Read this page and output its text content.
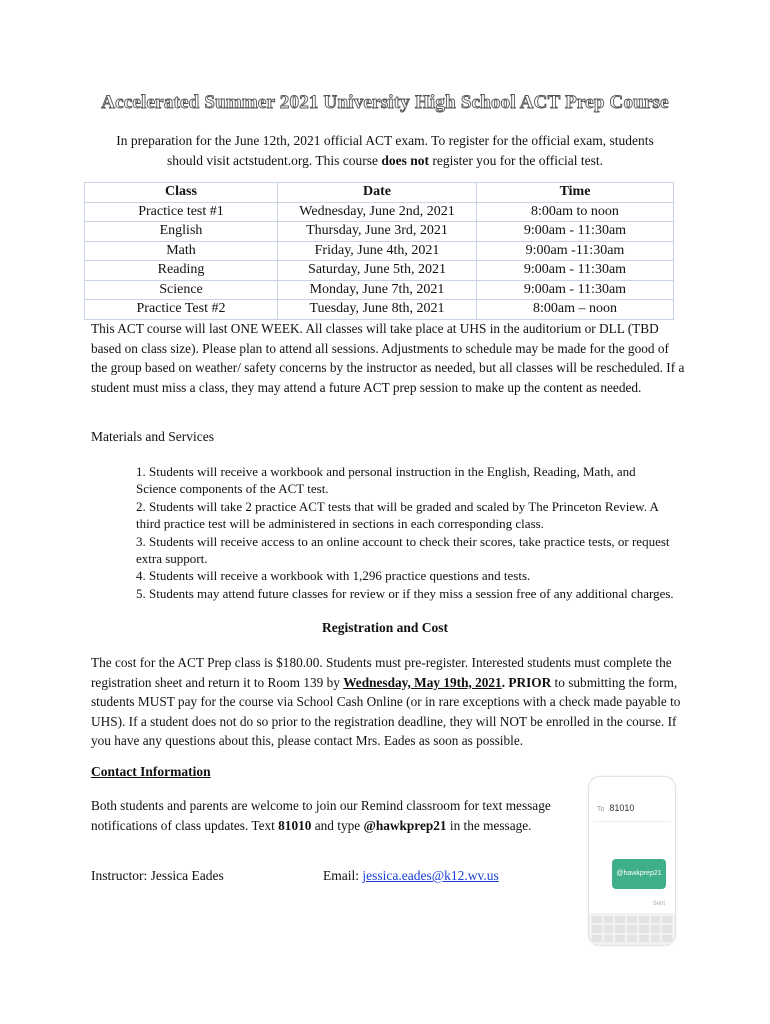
Accelerated Summer 2021 University High School ACT Prep Course
In preparation for the June 12th, 2021 official ACT exam. To register for the official exam, students
should visit actstudent.org. This course does not register you for the official test.
Class	Date	Time
Practice test #1	Wednesday, June 2nd, 2021	8:00am to noon
English	Thursday, June 3rd, 2021	9:00am - 11:30am
Math	Friday, June 4th, 2021	9:00am -11:30am
Reading	Saturday, June 5th, 2021	9:00am - 11:30am
Science	Monday, June 7th, 2021	9:00am - 11:30am
Practice Test #2	Tuesday, June 8th, 2021	8:00am – noon
This ACT course will last ONE WEEK. All classes will take place at UHS in the auditorium or DLL (TBD based on class size). Please plan to attend all sessions. Adjustments to schedule may be made for the good of the group based on weather/ safety concerns by the instructor as needed, but all classes will be rescheduled. If a student must miss a class, they may attend a future ACT prep session to make up the content as needed.
Materials and Services
1. Students will receive a workbook and personal instruction in the English, Reading, Math, and Science components of the ACT test.
2. Students will take 2 practice ACT tests that will be graded and scaled by The Princeton Review. A third practice test will be administered in sections in each corresponding class.
3. Students will receive access to an online account to check their scores, take practice tests, or request extra support.
4. Students will receive a workbook with 1,296 practice questions and tests.
5. Students may attend future classes for review or if they miss a session free of any additional charges.
Registration and Cost
The cost for the ACT Prep class is $180.00. Students must pre-register. Interested students must complete the registration sheet and return it to Room 139 by Wednesday, May 19th, 2021. PRIOR to submitting the form, students MUST pay for the course via School Cash Online (or in rare exceptions with a check made payable to UHS). If a student does not do so prior to the registration deadline, they will NOT be enrolled in the course. If you have any questions about this, please contact Mrs. Eades as soon as possible.
Contact Information
Both students and parents are welcome to join our Remind classroom for text message notifications of class updates. Text 81010 and type @hawkprep21 in the message.
Instructor: Jessica Eades	Email: jessica.eades@k12.wv.us
To 81010
@hawkprep21
Sent
